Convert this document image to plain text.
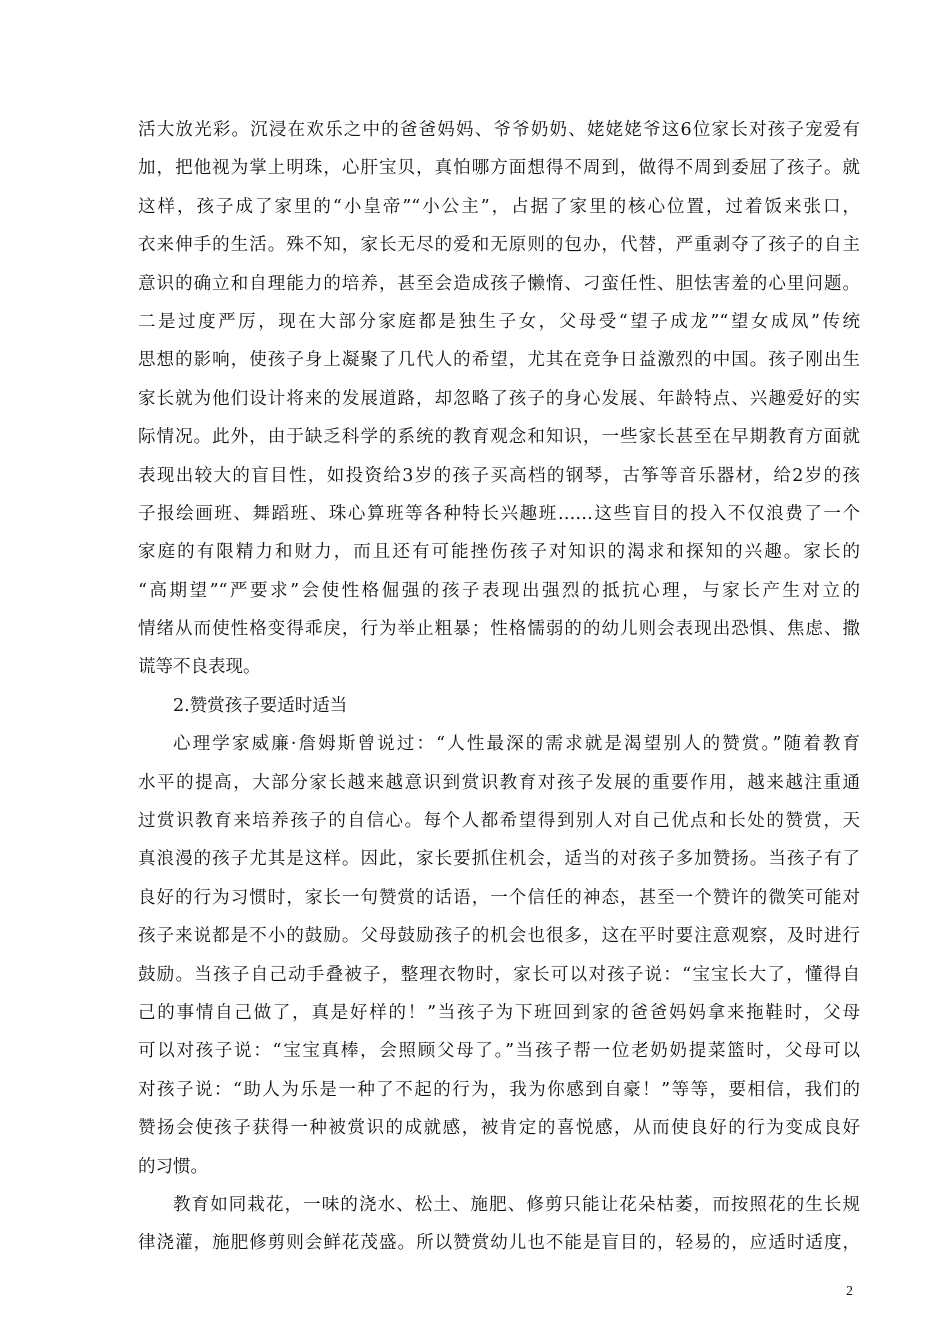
活大放光彩。沉浸在欢乐之中的爸爸妈妈、爷爷奶奶、姥姥姥爷这6位家长对孩子宠爱有
加，把他视为掌上明珠，心肝宝贝，真怕哪方面想得不周到，做得不周到委屈了孩子。就
这样，孩子成了家里的“小皇帝”“小公主”，占据了家里的核心位置，过着饭来张口，
衣来伸手的生活。殊不知，家长无尽的爱和无原则的包办，代替，严重剥夺了孩子的自主
意识的确立和自理能力的培养，甚至会造成孩子懒惰、刁蛮任性、胆怯害羞的心里问题。
二是过度严厉，现在大部分家庭都是独生子女，父母受“望子成龙”“望女成凤”传统
思想的影响，使孩子身上凝聚了几代人的希望，尤其在竞争日益激烈的中国。孩子刚出生
家长就为他们设计将来的发展道路，却忽略了孩子的身心发展、年龄特点、兴趣爱好的实
际情况。此外，由于缺乏科学的系统的教育观念和知识，一些家长甚至在早期教育方面就
表现出较大的盲目性，如投资给3岁的孩子买高档的钢琴，古筝等音乐器材，给2岁的孩
子报绘画班、舞蹈班、珠心算班等各种特长兴趣班……这些盲目的投入不仅浪费了一个
家庭的有限精力和财力，而且还有可能挫伤孩子对知识的渴求和探知的兴趣。家长的
“高期望”“严要求”会使性格倔强的孩子表现出强烈的抵抗心理，与家长产生对立的
情绪从而使性格变得乖戾，行为举止粗暴；性格懦弱的的幼儿则会表现出恐惧、焦虑、撒
谎等不良表现。
2.赞赏孩子要适时适当
心理学家威廉·詹姆斯曾说过：“人性最深的需求就是渴望别人的赞赏。”随着教育
水平的提高，大部分家长越来越意识到赏识教育对孩子发展的重要作用，越来越注重通
过赏识教育来培养孩子的自信心。每个人都希望得到别人对自己优点和长处的赞赏，天
真浪漫的孩子尤其是这样。因此，家长要抓住机会，适当的对孩子多加赞扬。当孩子有了
良好的行为习惯时，家长一句赞赏的话语，一个信任的神态，甚至一个赞许的微笑可能对
孩子来说都是不小的鼓励。父母鼓励孩子的机会也很多，这在平时要注意观察，及时进行
鼓励。当孩子自己动手叠被子，整理衣物时，家长可以对孩子说：“宝宝长大了，懂得自
己的事情自己做了，真是好样的！”当孩子为下班回到家的爸爸妈妈拿来拖鞋时，父母
可以对孩子说：“宝宝真棒，会照顾父母了。”当孩子帮一位老奶奶提菜篮时，父母可以
对孩子说：“助人为乐是一种了不起的行为，我为你感到自豪！”等等，要相信，我们的
赞扬会使孩子获得一种被赏识的成就感，被肯定的喜悦感，从而使良好的行为变成良好
的习惯。
教育如同栽花，一味的浇水、松土、施肥、修剪只能让花朵枯萎，而按照花的生长规
律浇灌，施肥修剪则会鲜花茂盛。所以赞赏幼儿也不能是盲目的，轻易的，应适时适度，
2
